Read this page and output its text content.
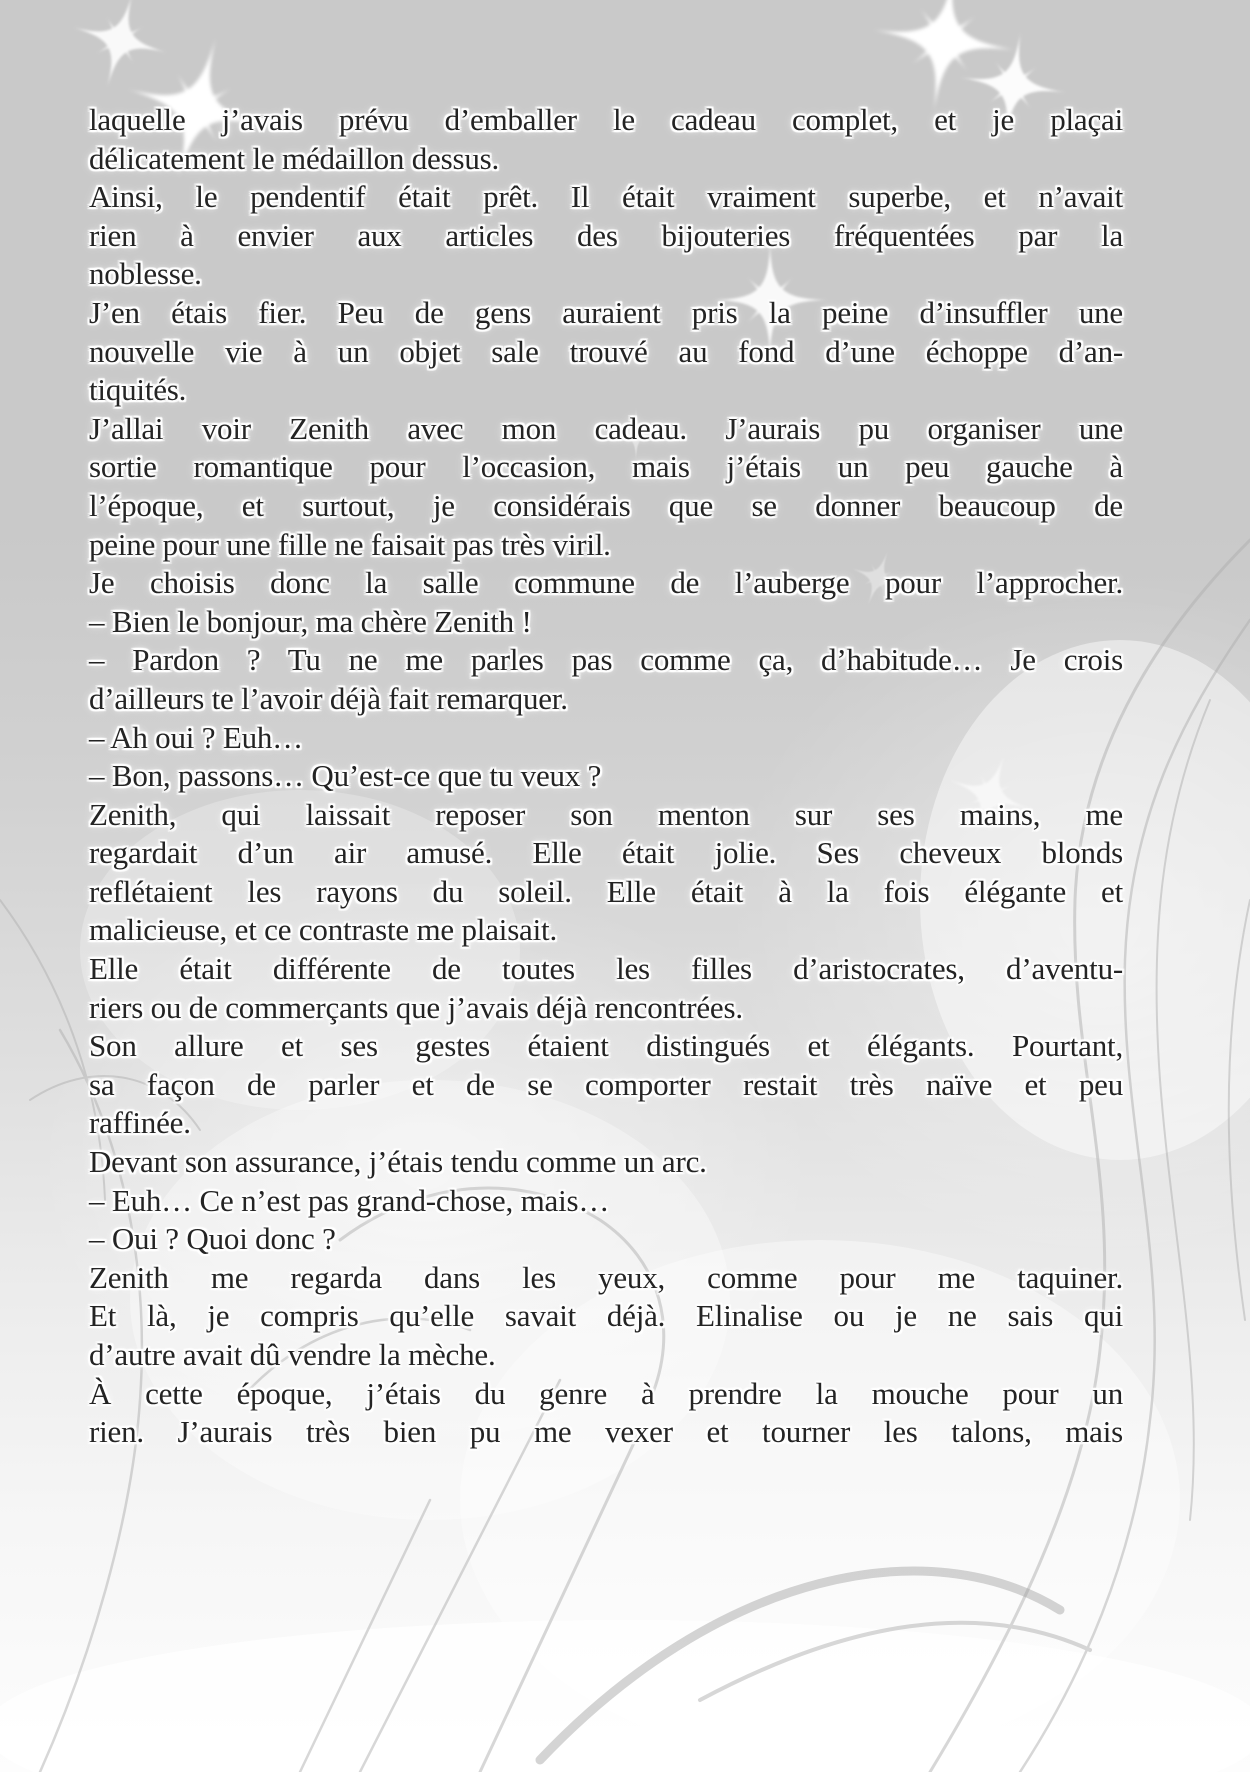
laquelle j’avais prévu d’emballer le cadeau complet, et je plaçai
délicatement le médaillon dessus.
Ainsi, le pendentif était prêt. Il était vraiment superbe, et n’avait
rien à envier aux articles des bijouteries fréquentées par la
noblesse.
J’en étais fier. Peu de gens auraient pris la peine d’insuffler une
nouvelle vie à un objet sale trouvé au fond d’une échoppe d’an-
tiquités.
J’allai voir Zenith avec mon cadeau. J’aurais pu organiser une
sortie romantique pour l’occasion, mais j’étais un peu gauche à
l’époque, et surtout, je considérais que se donner beaucoup de
peine pour une fille ne faisait pas très viril.
Je choisis donc la salle commune de l’auberge pour l’approcher.
– Bien le bonjour, ma chère Zenith !
– Pardon ? Tu ne me parles pas comme ça, d’habitude… Je crois
d’ailleurs te l’avoir déjà fait remarquer.
– Ah oui ? Euh…
– Bon, passons… Qu’est-ce que tu veux ?
Zenith, qui laissait reposer son menton sur ses mains, me
regardait d’un air amusé. Elle était jolie. Ses cheveux blonds
reflétaient les rayons du soleil. Elle était à la fois élégante et
malicieuse, et ce contraste me plaisait.
Elle était différente de toutes les filles d’aristocrates, d’aventu-
riers ou de commerçants que j’avais déjà rencontrées.
Son allure et ses gestes étaient distingués et élégants. Pourtant,
sa façon de parler et de se comporter restait très naïve et peu
raffinée.
Devant son assurance, j’étais tendu comme un arc.
– Euh… Ce n’est pas grand-chose, mais…
– Oui ? Quoi donc ?
Zenith me regarda dans les yeux, comme pour me taquiner.
Et là, je compris qu’elle savait déjà. Elinalise ou je ne sais qui
d’autre avait dû vendre la mèche.
À cette époque, j’étais du genre à prendre la mouche pour un
rien. J’aurais très bien pu me vexer et tourner les talons, mais
